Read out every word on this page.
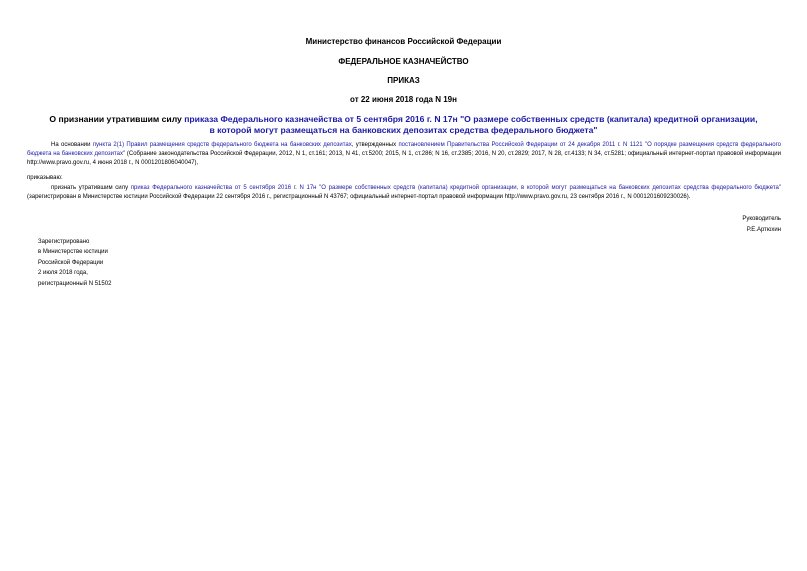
Министерство финансов Российской Федерации
ФЕДЕРАЛЬНОЕ КАЗНАЧЕЙСТВО
ПРИКАЗ
от 22 июня 2018 года N 19н
О признании утратившим силу приказа Федерального казначейства от 5 сентября 2016 г. N 17н "О размере собственных средств (капитала) кредитной организации,
в которой могут размещаться на банковских депозитах средства федерального бюджета"
На основании пункта 2(1) Правил размещения средств федерального бюджета на банковских депозитах, утвержденных постановлением Правительства Российской Федерации от 24 декабря 2011 г. N 1121 "О порядке размещения средств федерального бюджета на банковских депозитах" (Собрание законодательства Российской Федерации, 2012, N 1, ст.161; 2013, N 41, ст.5200; 2015, N 1, ст.286; N 16, ст.2385; 2016, N 20, ст.2829; 2017, N 28, ст.4133; N 34, ст.5281; официальный интернет-портал правовой информации http://www.pravo.gov.ru, 4 июня 2018 г., N 0001201806040047),
приказываю:
признать утратившим силу приказ Федерального казначейства от 5 сентября 2016 г. N 17н "О размере собственных средств (капитала) кредитной организации, в которой могут размещаться на банковских депозитах средства федерального бюджета" (зарегистрирован в Министерстве юстиции Российской Федерации 22 сентября 2016 г., регистрационный N 43767; официальный интернет-портал правовой информации http://www.pravo.gov.ru, 23 сентября 2016 г., N 0001201609230026).
Руководитель
Р.Е.Артюхин
Зарегистрировано
в Министерстве юстиции
Российской Федерации
2 июля 2018 года,
регистрационный N 51502
